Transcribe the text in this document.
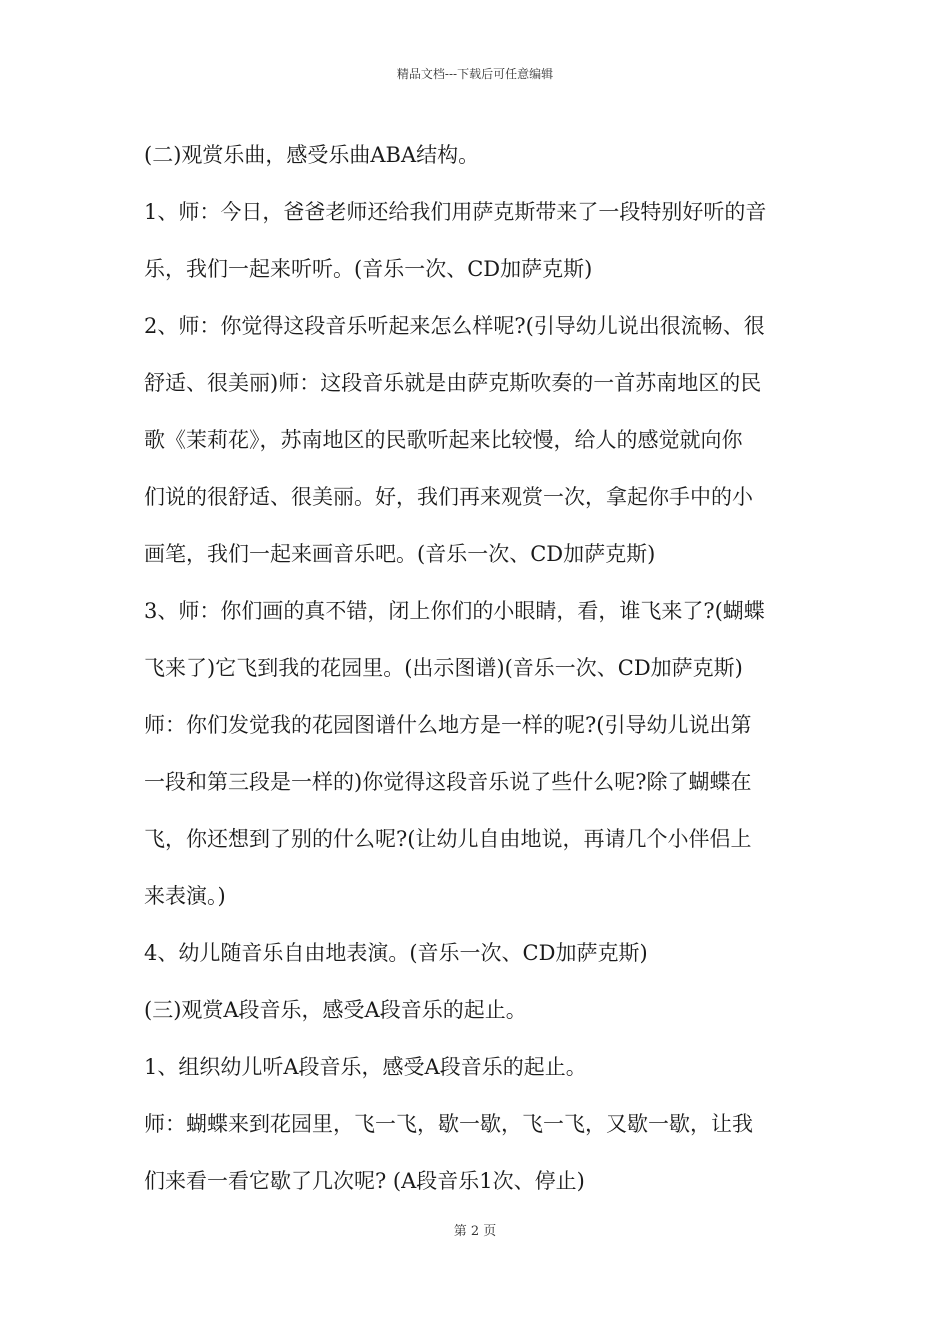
精品文档---下载后可任意编辑
(二)观赏乐曲，感受乐曲ABA结构。
1、师：今日，爸爸老师还给我们用萨克斯带来了一段特别好听的音
乐，我们一起来听听。(音乐一次、CD加萨克斯)
2、师：你觉得这段音乐听起来怎么样呢?(引导幼儿说出很流畅、很
舒适、很美丽)师：这段音乐就是由萨克斯吹奏的一首苏南地区的民
歌《茉莉花》，苏南地区的民歌听起来比较慢，给人的感觉就向你
们说的很舒适、很美丽。好，我们再来观赏一次，拿起你手中的小
画笔，我们一起来画音乐吧。(音乐一次、CD加萨克斯)
3、师：你们画的真不错，闭上你们的小眼睛，看，谁飞来了?(蝴蝶
飞来了)它飞到我的花园里。(出示图谱)(音乐一次、CD加萨克斯)
师：你们发觉我的花园图谱什么地方是一样的呢?(引导幼儿说出第
一段和第三段是一样的)你觉得这段音乐说了些什么呢?除了蝴蝶在
飞，你还想到了别的什么呢?(让幼儿自由地说，再请几个小伴侣上
来表演。)
4、幼儿随音乐自由地表演。(音乐一次、CD加萨克斯)
(三)观赏A段音乐，感受A段音乐的起止。
1、组织幼儿听A段音乐，感受A段音乐的起止。
师：蝴蝶来到花园里，飞一飞，歇一歇，飞一飞，又歇一歇，让我
们来看一看它歇了几次呢? (A段音乐1次、停止)
第 2 页
